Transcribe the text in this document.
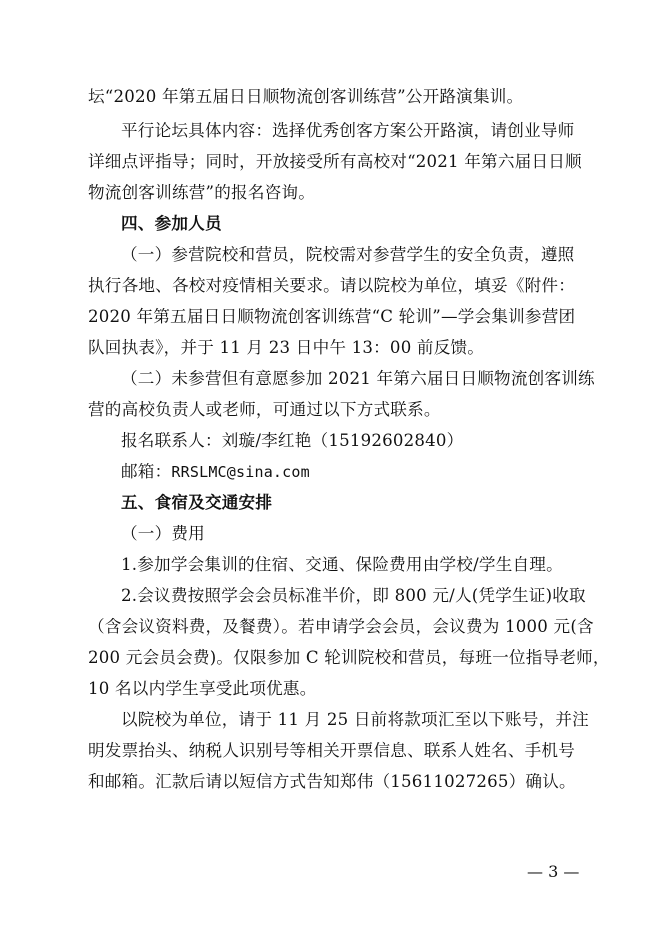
坛“2020 年第五届日日顺物流创客训练营”公开路演集训。
平行论坛具体内容：选择优秀创客方案公开路演，请创业导师
详细点评指导；同时，开放接受所有高校对“2021 年第六届日日顺
物流创客训练营”的报名咨询。
四、参加人员
（一）参营院校和营员，院校需对参营学生的安全负责，遵照
执行各地、各校对疫情相关要求。请以院校为单位，填妥《附件：
2020 年第五届日日顺物流创客训练营“C 轮训”—学会集训参营团
队回执表》，并于 11 月 23 日中午 13：00 前反馈。
（二）未参营但有意愿参加 2021 年第六届日日顺物流创客训练
营的高校负责人或老师，可通过以下方式联系。
报名联系人：刘璇/李红艳（15192602840）
邮箱：RRSLMC@sina.com
五、食宿及交通安排
（一）费用
1.参加学会集训的住宿、交通、保险费用由学校/学生自理。
2.会议费按照学会会员标准半价，即 800 元/人(凭学生证)收取
（含会议资料费，及餐费）。若申请学会会员，会议费为 1000 元(含
200 元会员会费)。仅限参加 C 轮训院校和营员，每班一位指导老师，
10 名以内学生享受此项优惠。
以院校为单位，请于 11 月 25 日前将款项汇至以下账号，并注
明发票抬头、纳税人识别号等相关开票信息、联系人姓名、手机号
和邮箱。汇款后请以短信方式告知郑伟（15611027265）确认。
— 3 —
